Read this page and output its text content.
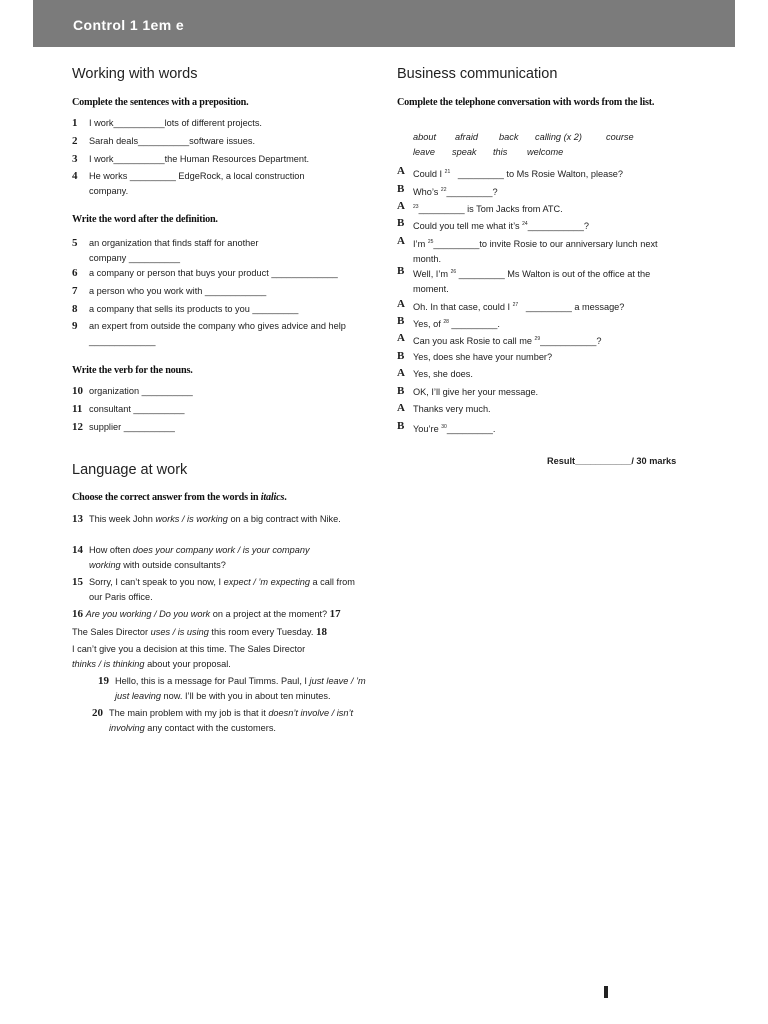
Control 1 1em e
Working with words
Complete the sentences with a preposition.
1	I work__________lots of different projects.
2	Sarah deals__________software issues.
3	I work__________the Human Resources Department.
4	He works _________ EdgeRock, a local construction company.
Write the word after the definition.
5	an organization that finds staff for another company __________
6	a company or person that buys your product _____________
7	a person who you work with ____________
8	a company that sells its products to you _________
9	an expert from outside the company who gives advice and help _____________
Write the verb for the nouns.
10 organization __________
11 consultant __________
12 supplier __________
Language at work
Choose the correct answer from the words in italics.
13 This week John works / is working on a big contract with Nike.
14 How often does your company work / is your company working with outside consultants?
15 Sorry, I can’t speak to you now, I expect / ’m expecting a call from our Paris office.
16 Are you working / Do you work on a project at the moment? 17
The Sales Director uses / is using this room every Tuesday. 18
I can’t give you a decision at this time. The Sales Director thinks / is thinking about your proposal.
19 Hello, this is a message for Paul Timms. Paul, I just leave / ’m just leaving now. I’ll be with you in about ten minutes.
20 The main problem with my job is that it doesn’t involve / isn’t involving any contact with the customers.
Business communication
Complete the telephone conversation with words from the list.
about afraid back calling (x 2)	course
leave speak this welcome
A Could I $^{21}$   _________ to Ms Rosie Walton, please?
B Who’s $^{22}$_________?
A	$^{23}$_________ is Tom Jacks from ATC.
B Could you tell me what it’s $^{24}$___________?
A I’m $^{25}$_________to invite Rosie to our anniversary lunch next month.
B Well, I’m $^{26}$ _________ Ms Walton is out of the office at the moment.
A Oh. In that case, could I $^{27}$   _________ a message?
B Yes, of $^{28}$ _________.
A Can you ask Rosie to call me $^{29}$___________?
B Yes, does she have your number?
A Yes, she does.
B OK, I’ll give her your message.
A Thanks very much.
B You’re $^{30}$_________.
Result___________/ 30 marks
